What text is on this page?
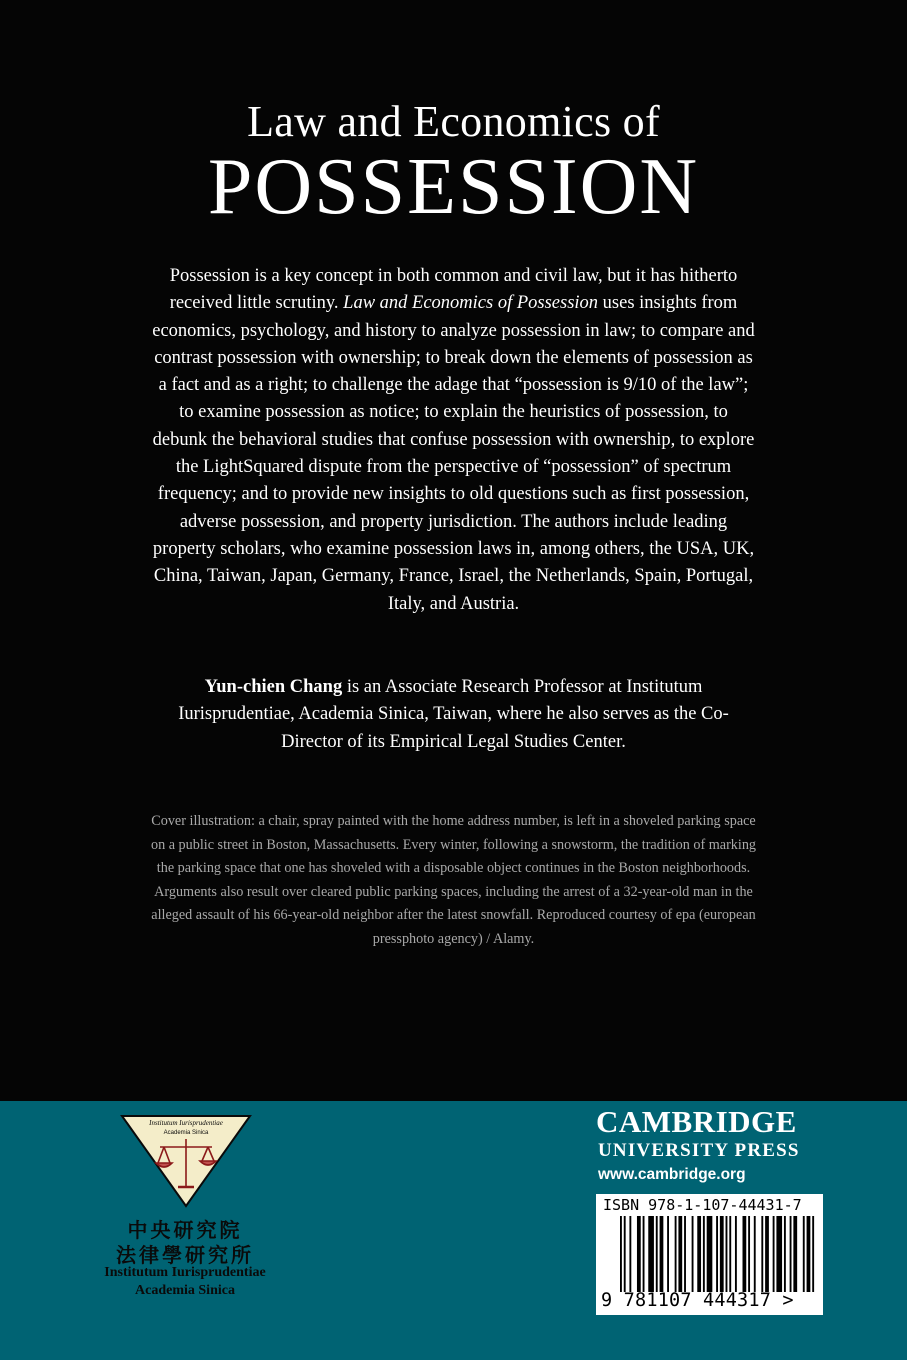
Law and Economics of
POSSESSION
Possession is a key concept in both common and civil law, but it has hitherto received little scrutiny. Law and Economics of Possession uses insights from economics, psychology, and history to analyze possession in law; to compare and contrast possession with ownership; to break down the elements of possession as a fact and as a right; to challenge the adage that “possession is 9/10 of the law”; to examine possession as notice; to explain the heuristics of possession, to debunk the behavioral studies that confuse possession with ownership, to explore the LightSquared dispute from the perspective of “possession” of spectrum frequency; and to provide new insights to old questions such as first possession, adverse possession, and property jurisdiction. The authors include leading property scholars, who examine possession laws in, among others, the USA, UK, China, Taiwan, Japan, Germany, France, Israel, the Netherlands, Spain, Portugal, Italy, and Austria.
Yun-chien Chang is an Associate Research Professor at Institutum Iurisprudentiae, Academia Sinica, Taiwan, where he also serves as the Co-Director of its Empirical Legal Studies Center.
Cover illustration: a chair, spray painted with the home address number, is left in a shoveled parking space on a public street in Boston, Massachusetts. Every winter, following a snowstorm, the tradition of marking the parking space that one has shoveled with a disposable object continues in the Boston neighborhoods. Arguments also result over cleared public parking spaces, including the arrest of a 32-year-old man in the alleged assault of his 66-year-old neighbor after the latest snowfall. Reproduced courtesy of epa (european pressphoto agency) / Alamy.
Institutum Iurisprudentiae
Academia Sinica
中央研究院
法律學研究所
Institutum Iurisprudentiae
Academia Sinica
CAMBRIDGE
UNIVERSITY PRESS
www.cambridge.org
ISBN 978-1-107-44431-7
9 781107 444317 >
